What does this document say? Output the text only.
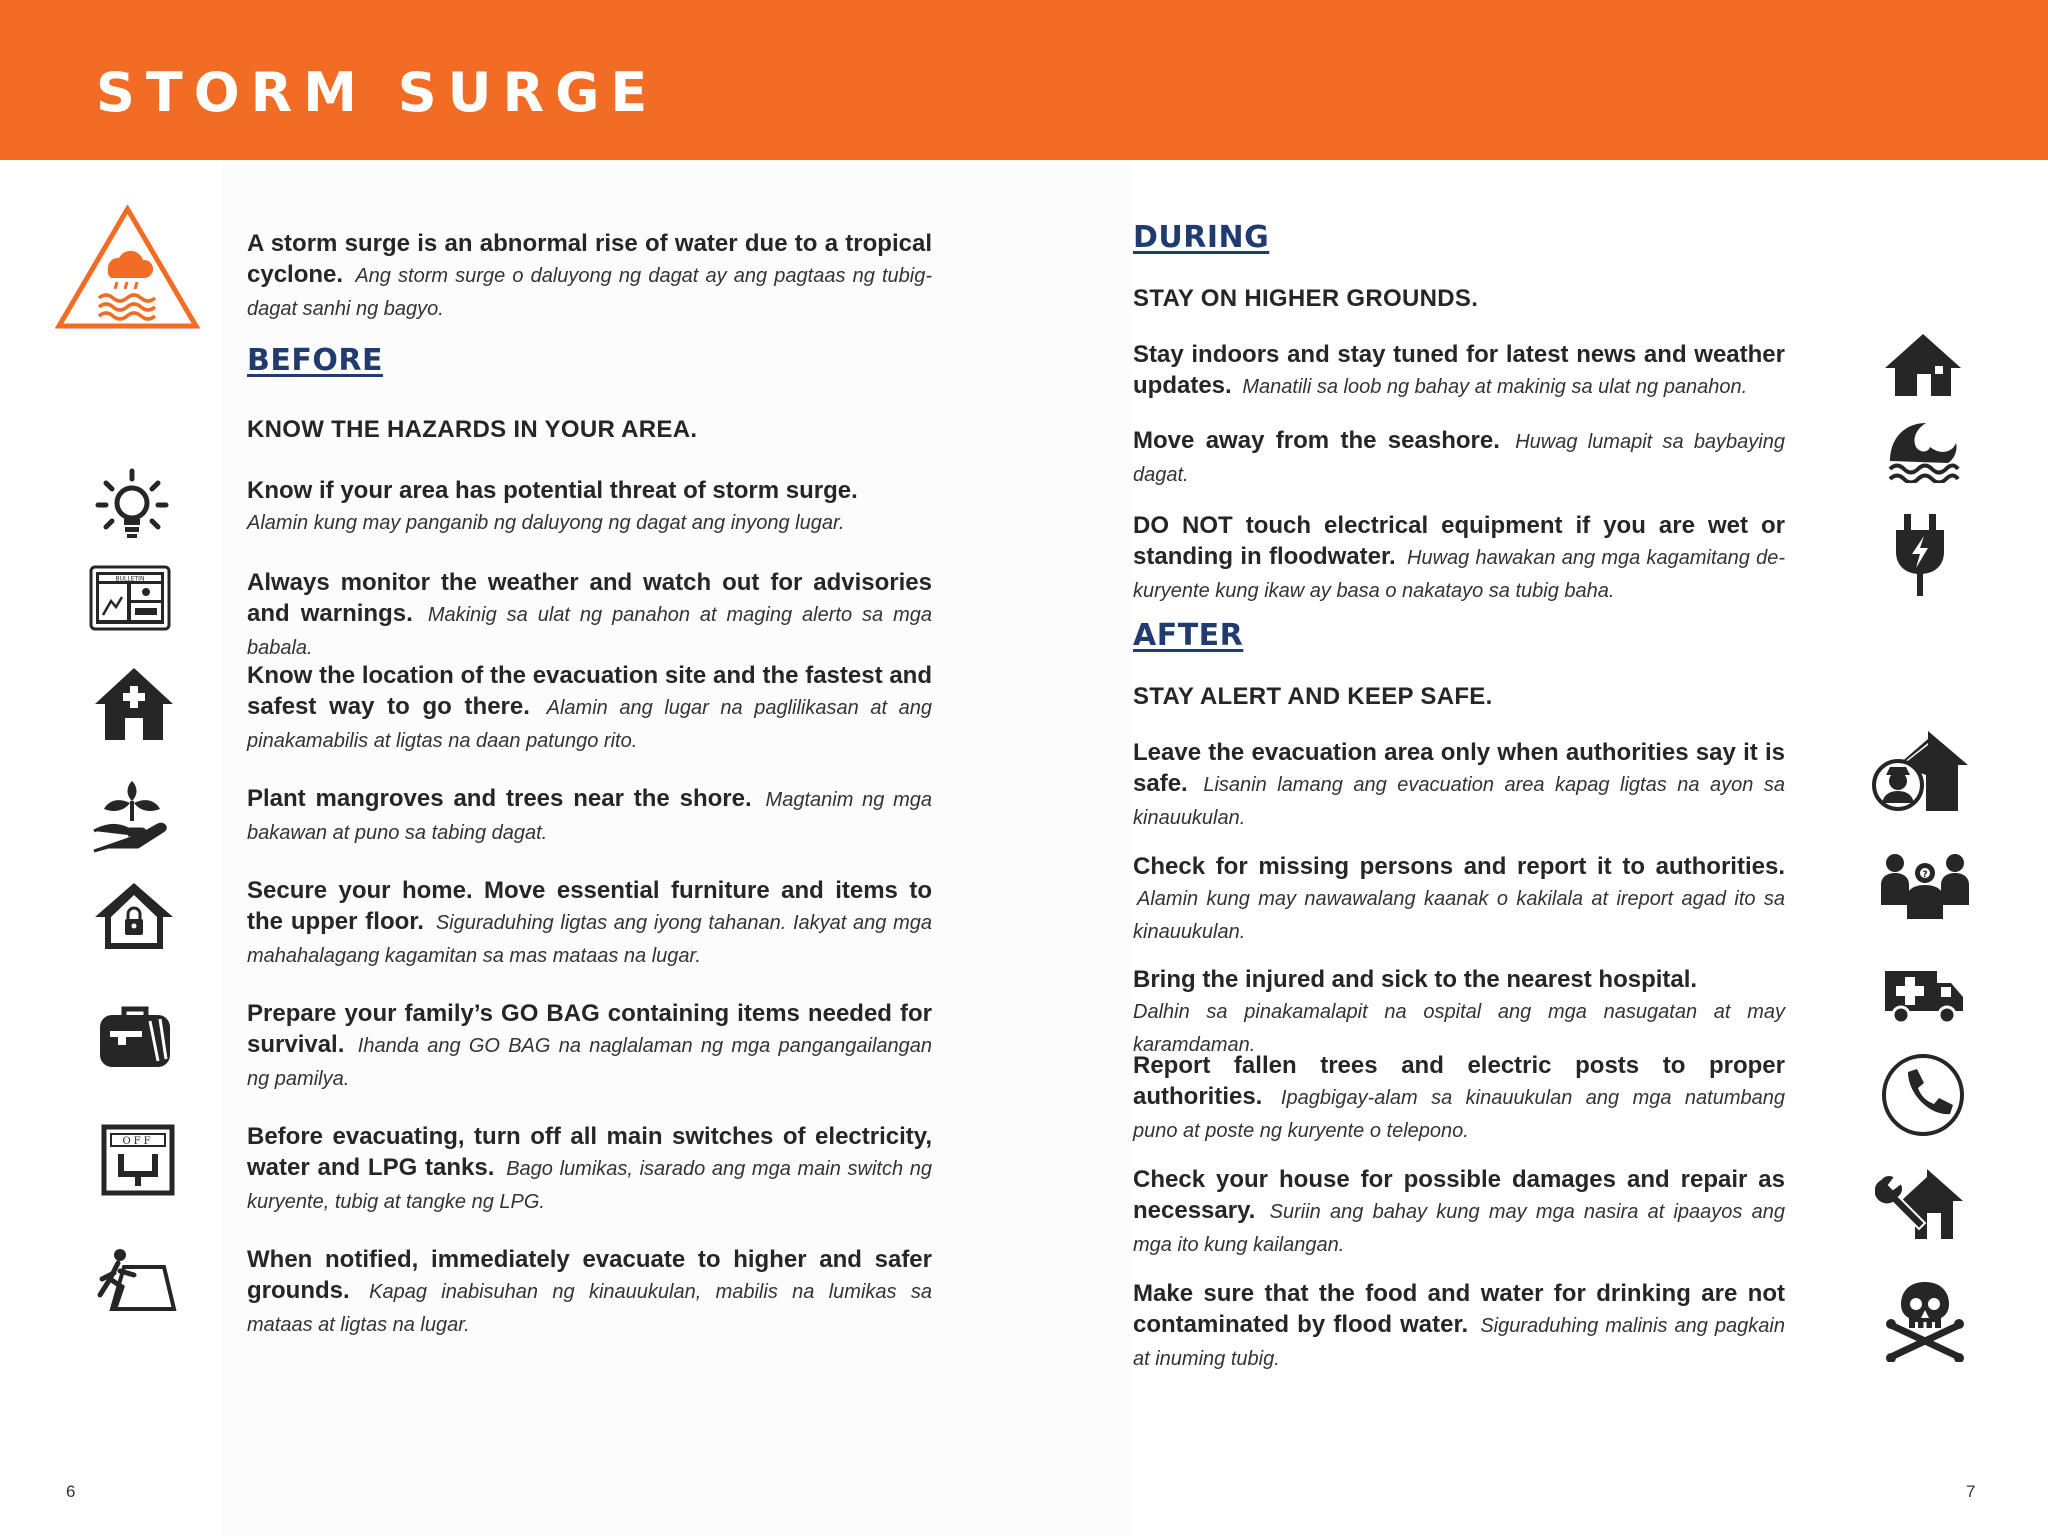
STORM SURGE

A storm surge is an abnormal rise of water due to a tropical cyclone. Ang storm surge o daluyong ng dagat ay ang pagtaas ng tubig-dagat sanhi ng bagyo.

BEFORE
KNOW THE HAZARDS IN YOUR AREA.

Know if your area has potential threat of storm surge.
Alamin kung may panganib ng daluyong ng dagat ang inyong lugar.

Always monitor the weather and watch out for advisories and warnings. Makinig sa ulat ng panahon at maging alerto sa mga babala.

Know the location of the evacuation site and the fastest and safest way to go there. Alamin ang lugar na paglilikasan at ang pinakamabilis at ligtas na daan patungo rito.

Plant mangroves and trees near the shore. Magtanim ng mga bakawan at puno sa tabing dagat.

Secure your home. Move essential furniture and items to the upper floor. Siguraduhing ligtas ang iyong tahanan. Iakyat ang mga mahahalagang kagamitan sa mas mataas na lugar.

Prepare your family’s GO BAG containing items needed for survival. Ihanda ang GO BAG na naglalaman ng mga pangangailangan ng pamilya.

Before evacuating, turn off all main switches of electricity, water and LPG tanks. Bago lumikas, isarado ang mga main switch ng kuryente, tubig at tangke ng LPG.

When notified, immediately evacuate to higher and safer grounds. Kapag inabisuhan ng kinauukulan, mabilis na lumikas sa mataas at ligtas na lugar.

BULLETIN
OFF
DURING
STAY ON HIGHER GROUNDS.

Stay indoors and stay tuned for latest news and weather updates. Manatili sa loob ng bahay at makinig sa ulat ng panahon.

Move away from the seashore. Huwag lumapit sa baybaying dagat.

DO NOT touch electrical equipment if you are wet or standing in floodwater. Huwag hawakan ang mga kagamitang de-kuryente kung ikaw ay basa o nakatayo sa tubig baha.

AFTER
STAY ALERT AND KEEP SAFE.

Leave the evacuation area only when authorities say it is safe. Lisanin lamang ang evacuation area kapag ligtas na ayon sa kinauukulan.

Check for missing persons and report it to authorities. Alamin kung may nawawalang kaanak o kakilala at ireport agad ito sa kinauukulan.

Bring the injured and sick to the nearest hospital.
Dalhin sa pinakamalapit na ospital ang mga nasugatan at may karamdaman.

Report fallen trees and electric posts to proper authorities. Ipagbigay-alam sa kinauukulan ang mga natumbang puno at poste ng kuryente o telepono.

Check your house for possible damages and repair as necessary. Suriin ang bahay kung may mga nasira at ipaayos ang mga ito kung kailangan.

Make sure that the food and water for drinking are not contaminated by flood water. Siguraduhing malinis ang pagkain at inuming tubig.

?
6	7
